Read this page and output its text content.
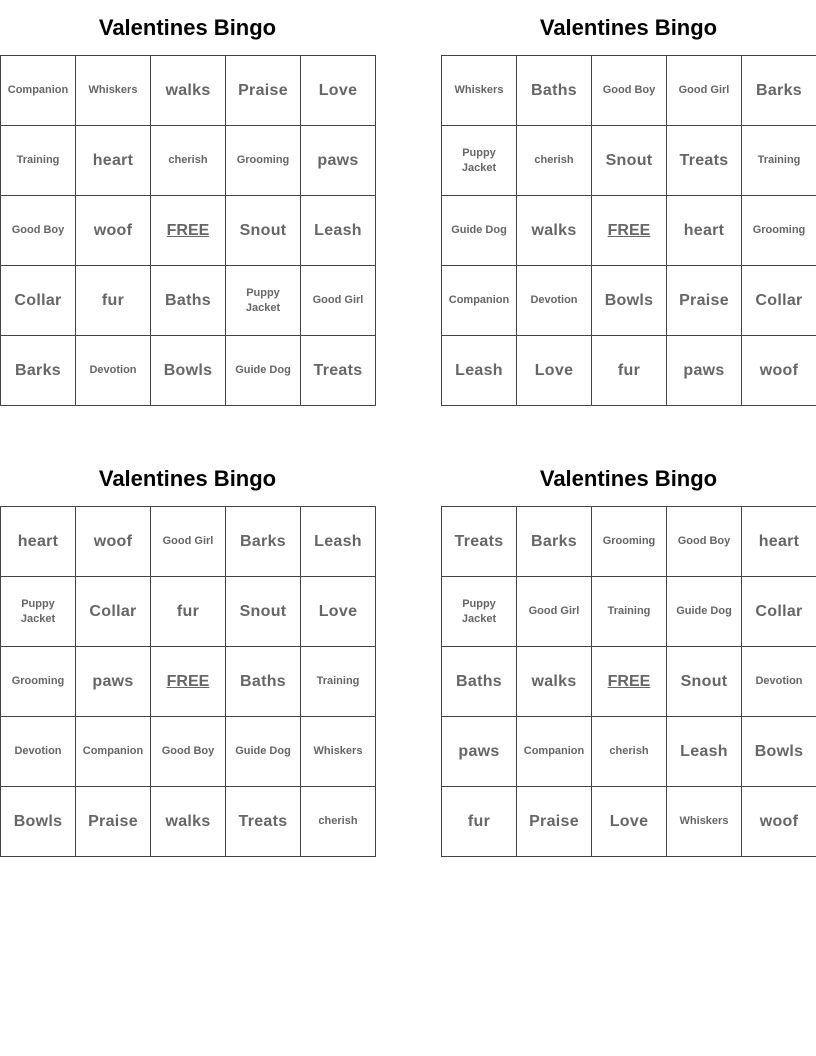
Valentines Bingo
Companion	Whiskers	walks	Praise	Love
Training	heart	cherish	Grooming	paws
Good Boy	woof	FREE	Snout	Leash
Collar	fur	Baths	Puppy Jacket	Good Girl
Barks	Devotion	Bowls	Guide Dog	Treats
Valentines Bingo
Whiskers	Baths	Good Boy	Good Girl	Barks
Puppy Jacket	cherish	Snout	Treats	Training
Guide Dog	walks	FREE	heart	Grooming
Companion	Devotion	Bowls	Praise	Collar
Leash	Love	fur	paws	woof
Valentines Bingo
heart	woof	Good Girl	Barks	Leash
Puppy Jacket	Collar	fur	Snout	Love
Grooming	paws	FREE	Baths	Training
Devotion	Companion	Good Boy	Guide Dog	Whiskers
Bowls	Praise	walks	Treats	cherish
Valentines Bingo
Treats	Barks	Grooming	Good Boy	heart
Puppy Jacket	Good Girl	Training	Guide Dog	Collar
Baths	walks	FREE	Snout	Devotion
paws	Companion	cherish	Leash	Bowls
fur	Praise	Love	Whiskers	woof
